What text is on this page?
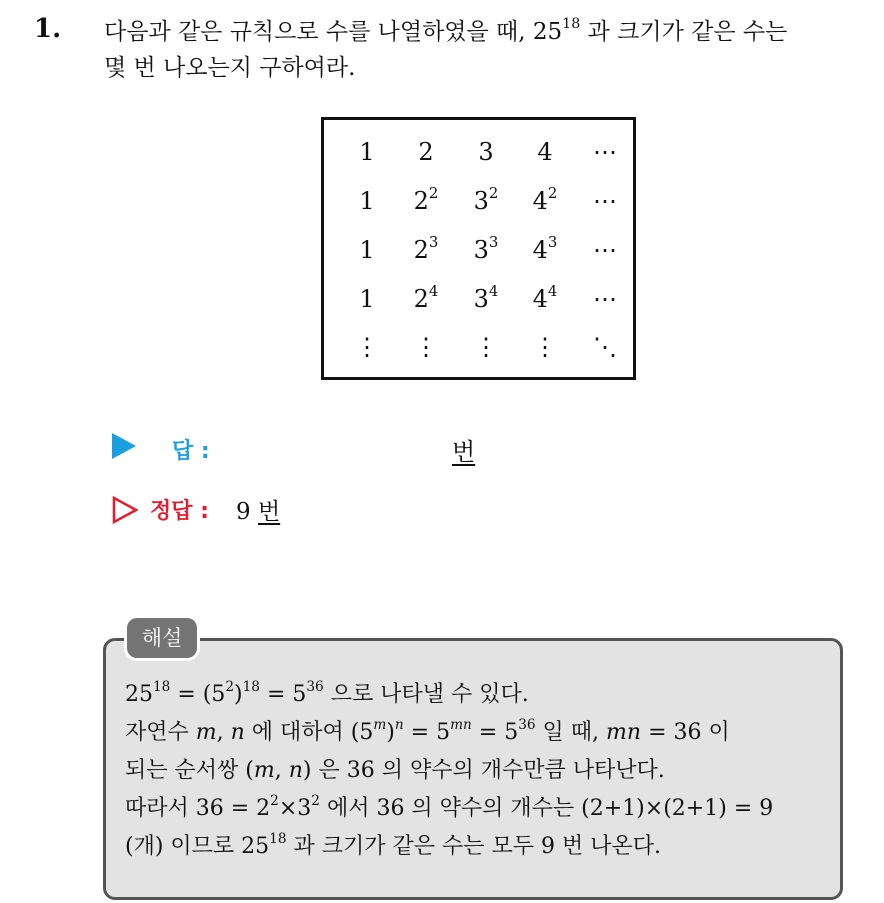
1. 다음과 같은 규칙으로 수를 나열하였을 때, $25^{18}$ 과 크기가 같은 수는
몇 번 나오는지 구하여라.
1	2	3	4	⋯
1	$2^2$	$3^2$	$4^2$	⋯
1	$2^3$	$3^3$	$4^3$	⋯
1	$2^4$	$3^4$	$4^4$	⋯
⋮	⋮	⋮	⋮	⋱
답 :	번
정답 : 9 번
해설
$25^{18} = (5^2)^{18} = 5^{36}$ 으로 나타낼 수 있다.
자연수 m, n 에 대하여 $(5^m)^n = 5^{mn} = 5^{36}$ 일 때, mn = 36 이
되는 순서쌍 (m, n) 은 36 의 약수의 개수만큼 나타난다.
따라서 $36 = 2^2\times 3^2$ 에서 36 의 약수의 개수는 (2+1)×(2+1) = 9
(개) 이므로 $25^{18}$ 과 크기가 같은 수는 모두 9 번 나온다.
